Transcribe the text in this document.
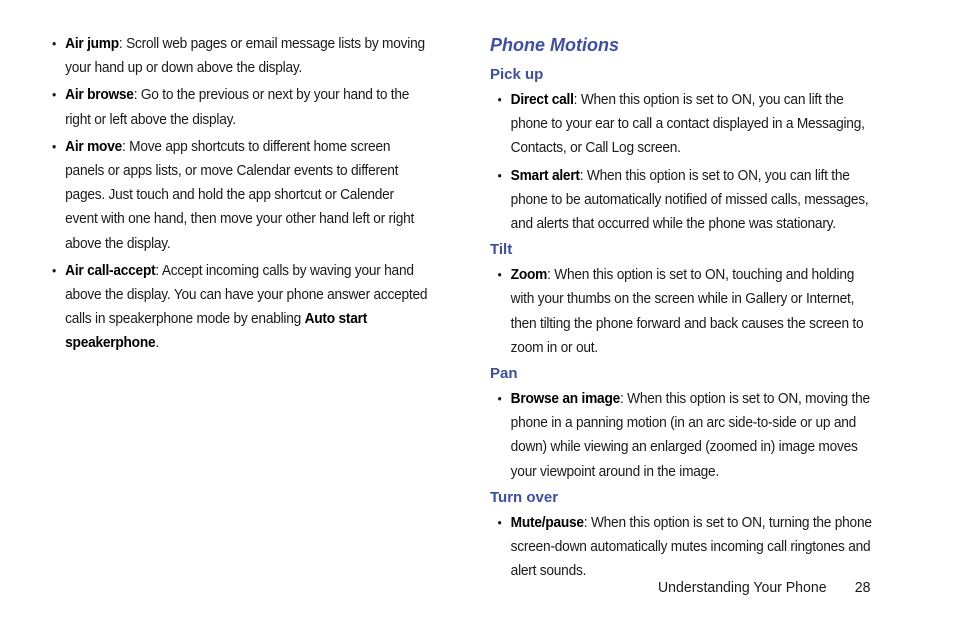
• Air jump: Scroll web pages or email message lists by moving your hand up or down above the display.
• Air browse: Go to the previous or next by your hand to the right or left above the display.
• Air move: Move app shortcuts to different home screen panels or apps lists, or move Calendar events to different pages. Just touch and hold the app shortcut or Calender event with one hand, then move your other hand left or right above the display.
• Air call-accept: Accept incoming calls by waving your hand above the display. You can have your phone answer accepted calls in speakerphone mode by enabling Auto start speakerphone.
Phone Motions
Pick up
• Direct call: When this option is set to ON, you can lift the phone to your ear to call a contact displayed in a Messaging, Contacts, or Call Log screen.
• Smart alert: When this option is set to ON, you can lift the phone to be automatically notified of missed calls, messages, and alerts that occurred while the phone was stationary.
Tilt
• Zoom: When this option is set to ON, touching and holding with your thumbs on the screen while in Gallery or Internet, then tilting the phone forward and back causes the screen to zoom in or out.
Pan
• Browse an image: When this option is set to ON, moving the phone in a panning motion (in an arc side-to-side or up and down) while viewing an enlarged (zoomed in) image moves your viewpoint around in the image.
Turn over
• Mute/pause: When this option is set to ON, turning the phone screen-down automatically mutes incoming call ringtones and alert sounds.
Understanding Your Phone 28
